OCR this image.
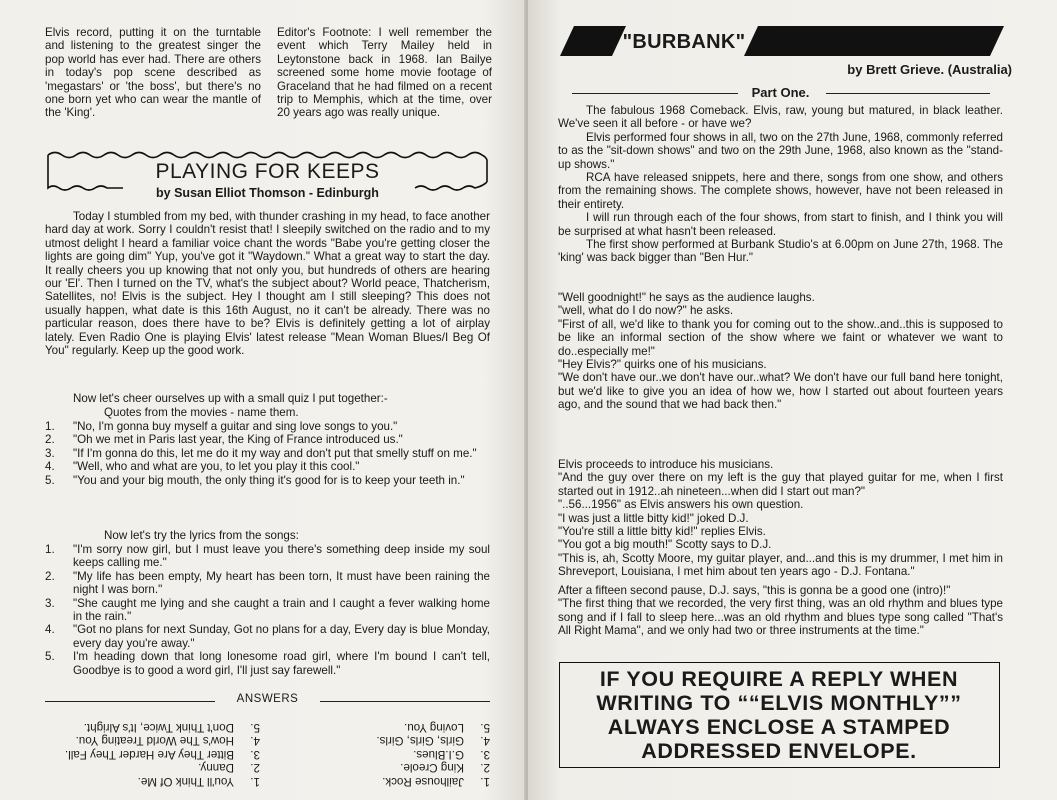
Elvis record, putting it on the turntable and listening to the greatest singer the pop world has ever had. There are others in today's pop scene described as 'megastars' or 'the boss', but there's no one born yet who can wear the mantle of the 'King'.
Editor's Footnote: I well remember the event which Terry Mailey held in Leytonstone back in 1968. Ian Bailye screened some home movie footage of Graceland that he had filmed on a recent trip to Memphis, which at the time, over 20 years ago was really unique.
PLAYING FOR KEEPS
by Susan Elliot Thomson - Edinburgh
Today I stumbled from my bed, with thunder crashing in my head, to face another hard day at work. Sorry I couldn't resist that! I sleepily switched on the radio and to my utmost delight I heard a familiar voice chant the words "Babe you're getting closer the lights are going dim" Yup, you've got it "Waydown." What a great way to start the day. It really cheers you up knowing that not only you, but hundreds of others are hearing our 'El'. Then I turned on the TV, what's the subject about? World peace, Thatcherism, Satellites, no! Elvis is the subject. Hey I thought am I still sleeping? This does not usually happen, what date is this 16th August, no it can't be already. There was no particular reason, does there have to be? Elvis is definitely getting a lot of airplay lately. Even Radio One is playing Elvis' latest release "Mean Woman Blues/I Beg Of You" regularly. Keep up the good work.
Now let's cheer ourselves up with a small quiz I put together:-
Quotes from the movies - name them.
1. "No, I'm gonna buy myself a guitar and sing love songs to you."
2. "Oh we met in Paris last year, the King of France introduced us."
3. "If I'm gonna do this, let me do it my way and don't put that smelly stuff on me."
4. "Well, who and what are you, to let you play it this cool."
5. "You and your big mouth, the only thing it's good for is to keep your teeth in."
Now let's try the lyrics from the songs:
1. "I'm sorry now girl, but I must leave you there's something deep inside my soul keeps calling me."
2. "My life has been empty, My heart has been torn, It must have been raining the night I was born."
3. "She caught me lying and she caught a train and I caught a fever walking home in the rain."
4. "Got no plans for next Sunday, Got no plans for a day, Every day is blue Monday, every day you're away."
5. I'm heading down that long lonesome road girl, where I'm bound I can't tell, Goodbye is to good a word girl, I'll just say farewell."
ANSWERS
1.
Jailhouse Rock.
2.
King Creole.
3.
G.I.Blues.
4.
Girls, Girls, Girls.
5.
Loving You.
1.
You'll Think Of Me.
2.
Danny.
3.
Bitter They Are Harder They Fall.
4.
How's The World Treating You.
5.
Don't Think Twice, It's Alright.
"BURBANK"
by Brett Grieve. (Australia)
Part One.

The fabulous 1968 Comeback. Elvis, raw, young but matured, in black leather. We've seen it all before - or have we?

Elvis performed four shows in all, two on the 27th June, 1968, commonly referred to as the "sit-down shows" and two on the 29th June, 1968, also known as the "stand-up shows."

RCA have released snippets, here and there, songs from one show, and others from the remaining shows. The complete shows, however, have not been released in their entirety.

I will run through each of the four shows, from start to finish, and I think you will be surprised at what hasn't been released.

The first show performed at Burbank Studio's at 6.00pm on June 27th, 1968. The 'king' was back bigger than "Ben Hur."

"Well goodnight!" he says as the audience laughs.

"well, what do I do now?" he asks.

"First of all, we'd like to thank you for coming out to the show..and..this is supposed to be like an informal section of the show where we faint or whatever we want to do..especially me!"

"Hey Elvis?" quirks one of his musicians.

"We don't have our..we don't have our..what? We don't have our full band here tonight, but we'd like to give you an idea of how we, how I started out about fourteen years ago, and the sound that we had back then."

Elvis proceeds to introduce his musicians.

"And the guy over there on my left is the guy that played guitar for me, when I first started out in 1912..ah nineteen...when did I start out man?"

"..56...1956" as Elvis answers his own question.

"I was just a little bitty kid!" joked D.J.

"You're still a little bitty kid!" replies Elvis.

"You got a big mouth!" Scotty says to D.J.

"This is, ah, Scotty Moore, my guitar player, and...and this is my drummer, I met him in Shreveport, Louisiana, I met him about ten years ago - D.J. Fontana."

After a fifteen second pause, D.J. says, "this is gonna be a good one (intro)!"

"The first thing that we recorded, the very first thing, was an old rhythm and blues type song and if I fall to sleep here...was an old rhythm and blues type song called "That's All Right Mama", and we only had two or three instruments at the time."

IF YOU REQUIRE A REPLY WHEN
WRITING TO ““ELVIS MONTHLY””
ALWAYS ENCLOSE A STAMPED
ADDRESSED ENVELOPE.
